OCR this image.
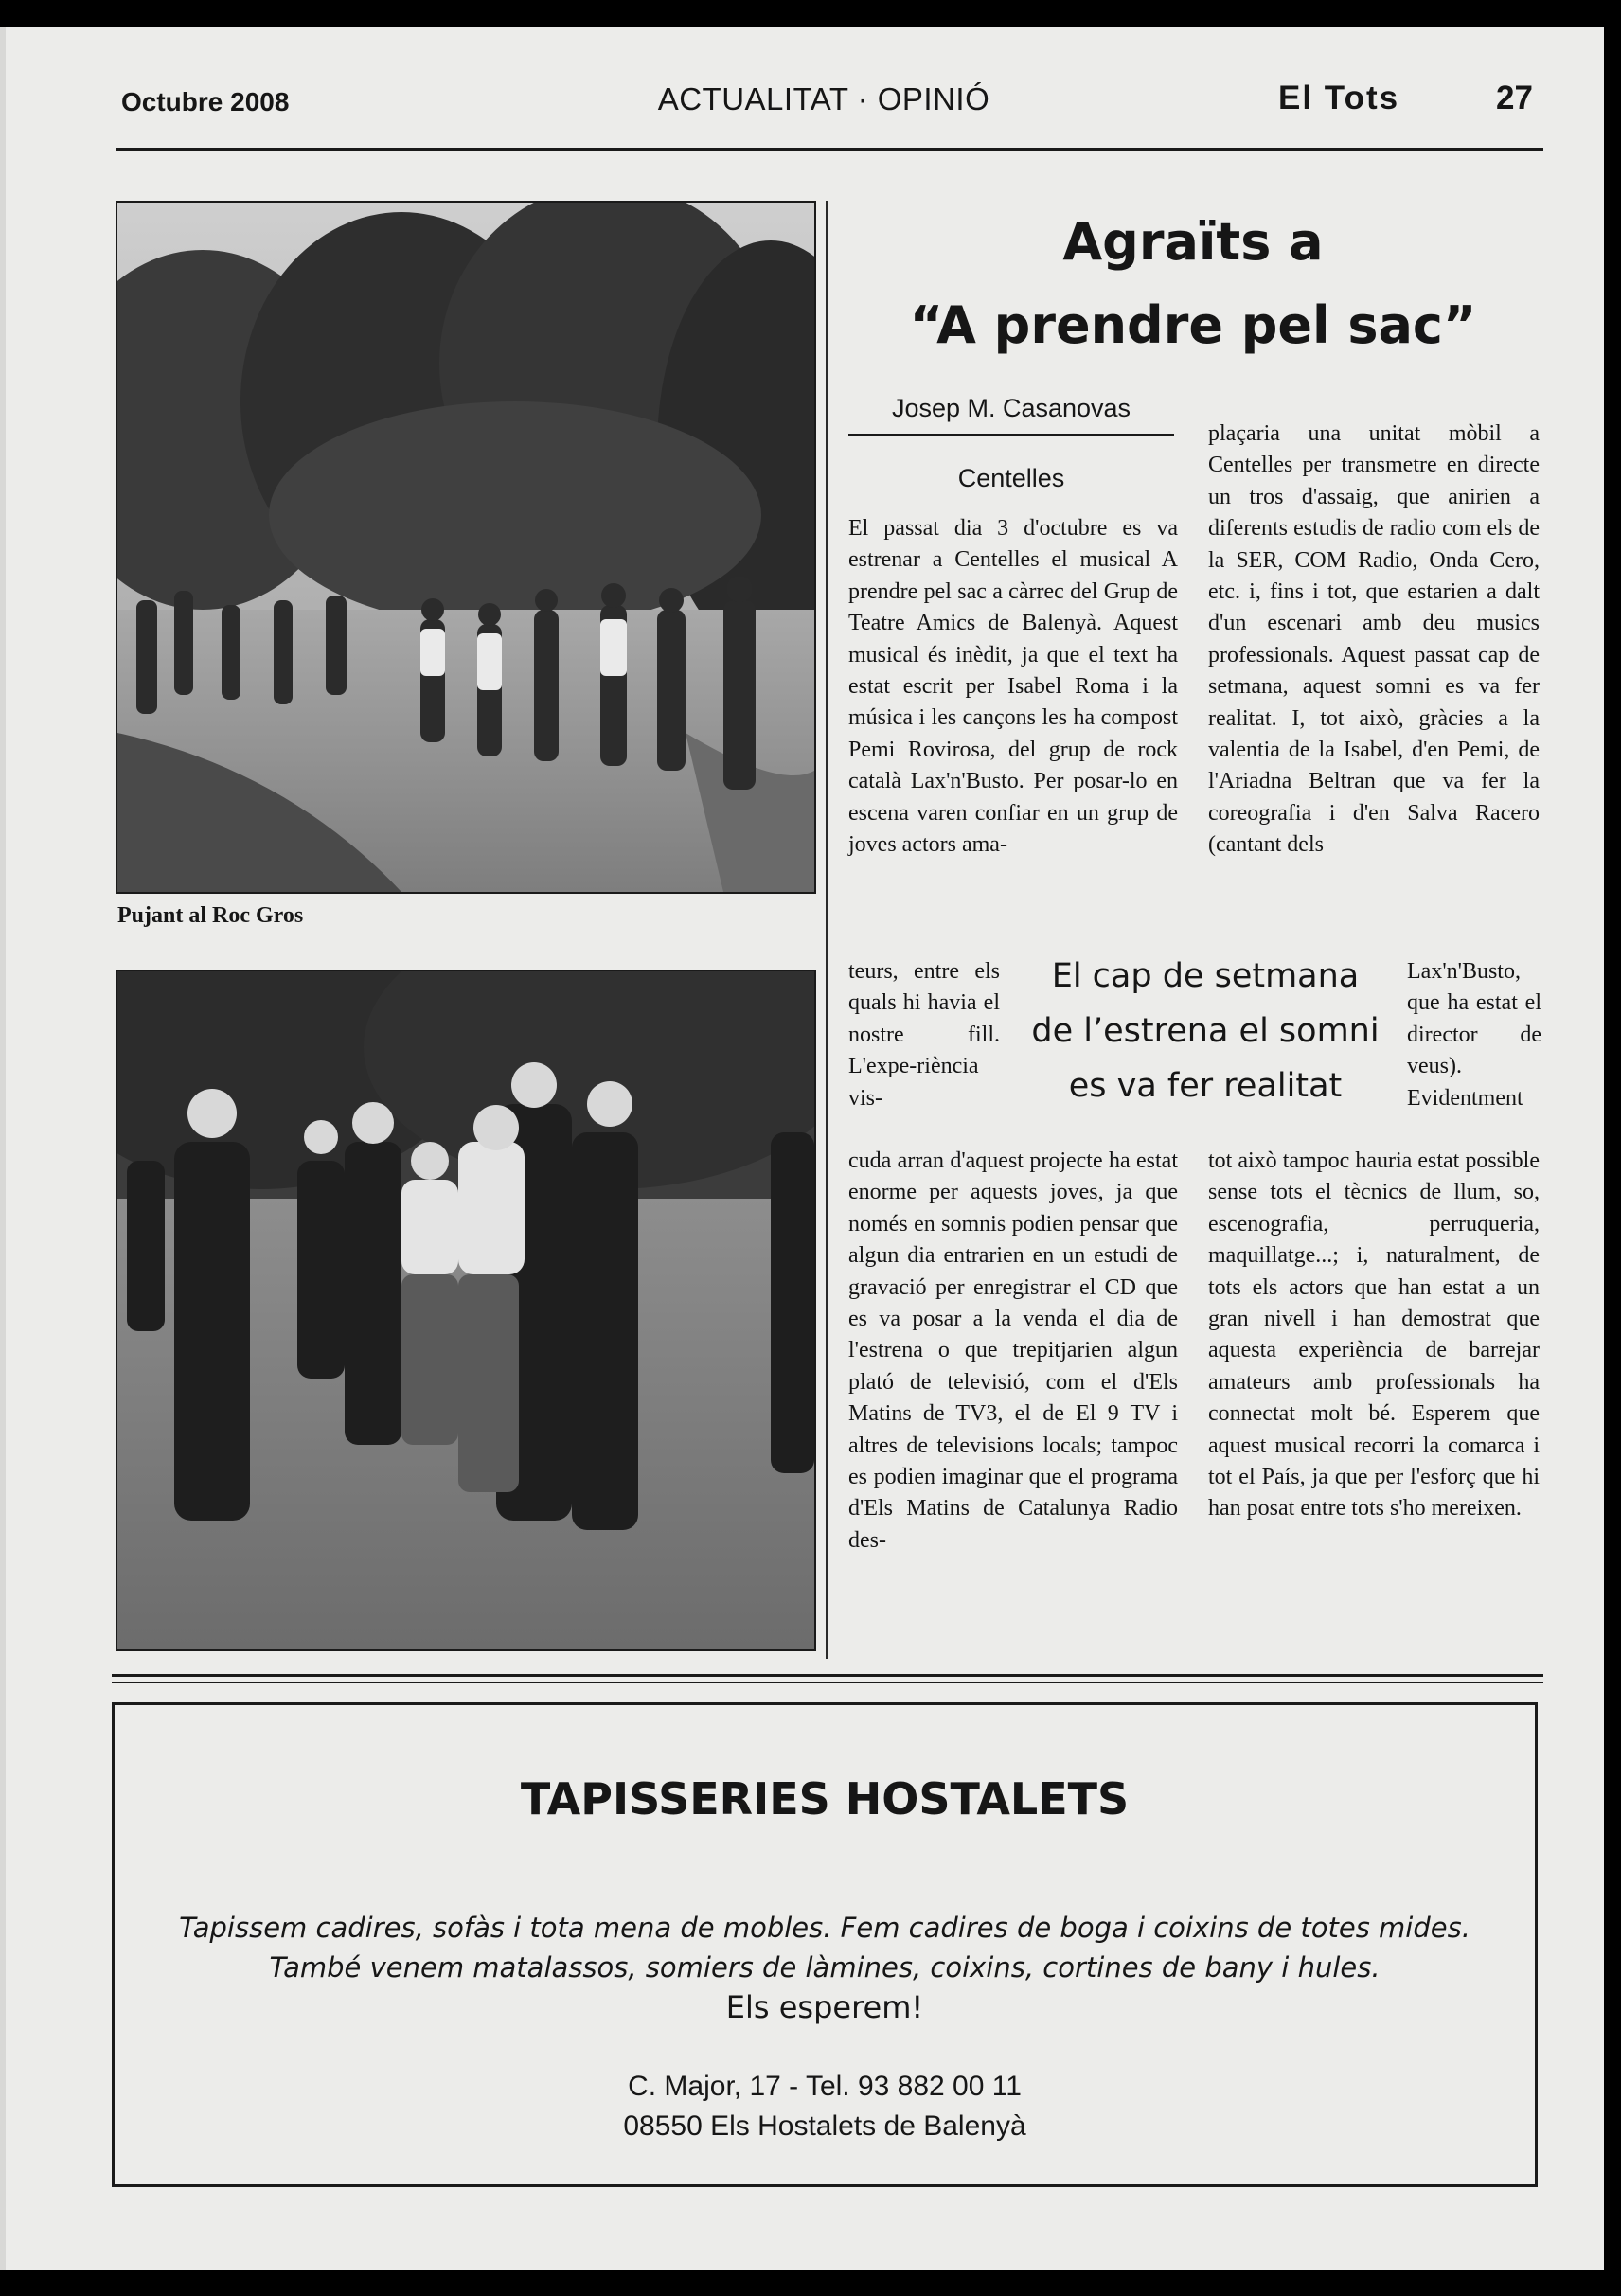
Octubre 2008	ACTUALITAT · OPINIÓ	El Tots	27
Pujant al Roc Gros
Agraïts a
“A prendre pel sac”
Josep M. Casanovas
Centelles

El passat dia 3 d'octubre es va estrenar a Centelles el musical A prendre pel sac a càrrec del Grup de Teatre Amics de Balenyà. Aquest musical és inèdit, ja que el text ha estat escrit per Isabel Roma i la música i les cançons les ha compost Pemi Rovirosa, del grup de rock català Lax'n'Busto. Per posar-lo en escena varen confiar en un grup de joves actors ama-

teurs, entre els quals hi havia el nostre fill. L'expe-riència vis-

cuda arran d'aquest projecte ha estat enorme per aquests joves, ja que només en somnis podien pensar que algun dia entrarien en un estudi de gravació per enregistrar el CD que es va posar a la venda el dia de l'estrena o que trepitjarien algun plató de televisió, com el d'Els Matins de TV3, el de El 9 TV i altres de televisions locals; tampoc es podien imaginar que el programa d'Els Matins de Catalunya Radio des-

plaçaria una unitat mòbil a Centelles per transmetre en directe un tros d'assaig, que anirien a diferents estudis de radio com els de la SER, COM Radio, Onda Cero, etc. i, fins i tot, que estarien a dalt d'un escenari amb deu musics professionals. Aquest passat cap de setmana, aquest somni es va fer realitat. I, tot això, gràcies a la valentia de la Isabel, d'en Pemi, de l'Ariadna Beltran que va fer la coreografia i d'en Salva Racero (cantant dels

Lax'n'Busto, que ha estat el director de veus). Evidentment

tot això tampoc hauria estat possible sense tots el tècnics de llum, so, escenografia, perruqueria, maquillatge...; i, naturalment, de tots els actors que han estat a un gran nivell i han demostrat que aquesta experiència de barrejar amateurs amb professionals ha connectat molt bé. Esperem que aquest musical recorri la comarca i tot el País, ja que per l'esforç que hi han posat entre tots s'ho mereixen.

El cap de setmana
de l’estrena el somni
es va fer realitat
TAPISSERIES HOSTALETS
Tapissem cadires, sofàs i tota mena de mobles. Fem cadires de boga i coixins de totes mides.
També venem matalassos, somiers de làmines, coixins, cortines de bany i hules.
Els esperem!
C. Major, 17 - Tel. 93 882 00 11
08550 Els Hostalets de Balenyà
